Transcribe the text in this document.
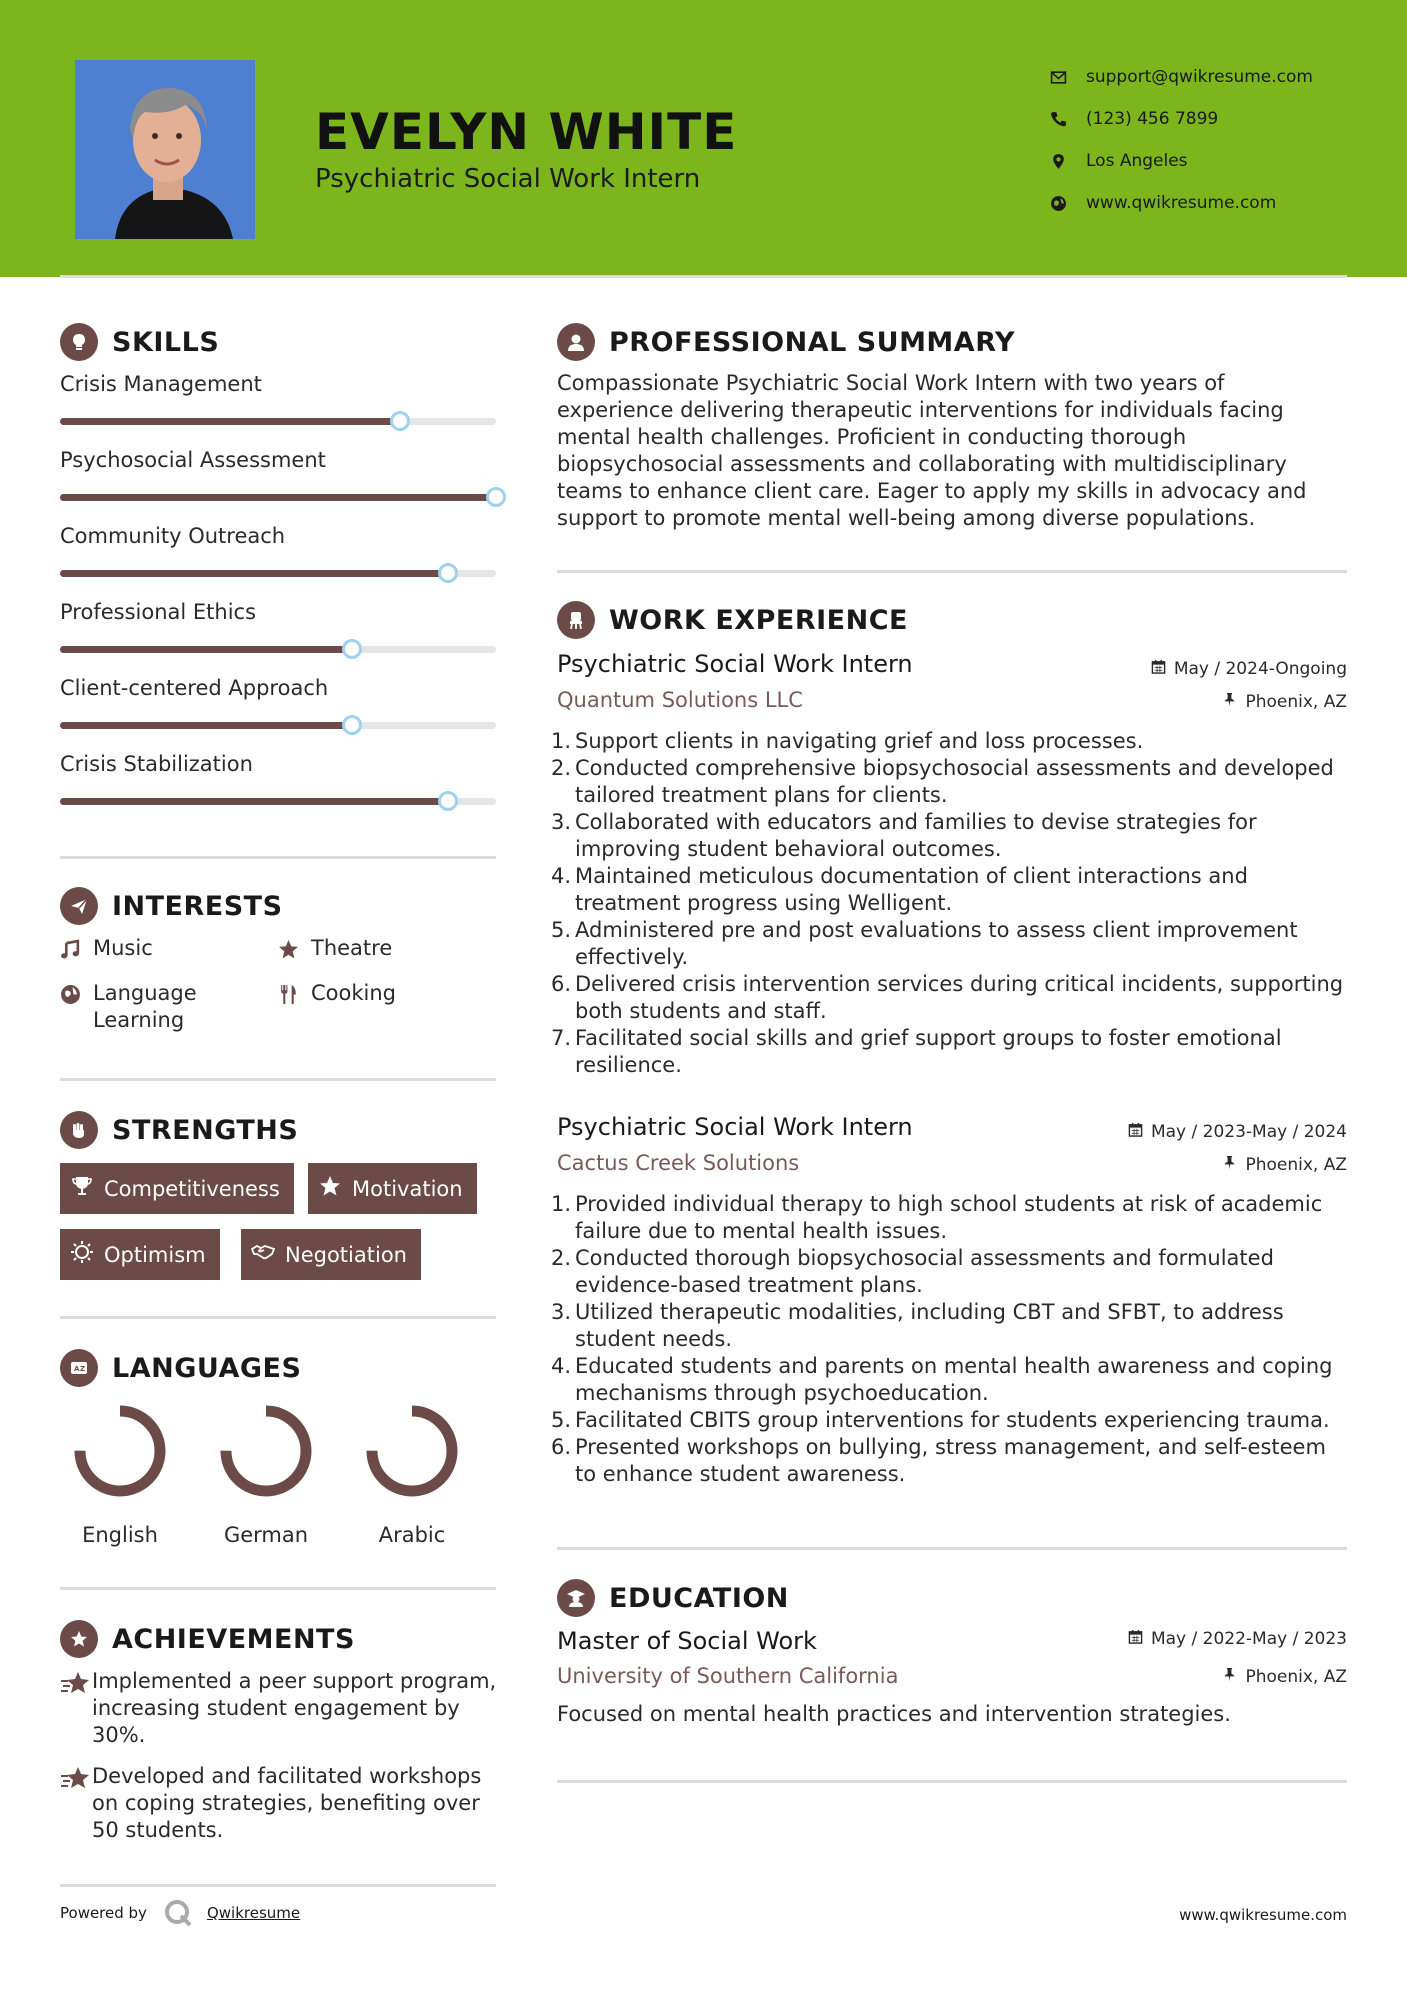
EVELYN WHITE
Psychiatric Social Work Intern
support@qwikresume.com
(123) 456 7899
Los Angeles
www.qwikresume.com
SKILLS
Crisis Management
Psychosocial Assessment
Community Outreach
Professional Ethics
Client-centered Approach
Crisis Stabilization
INTERESTS
Music	Theatre
Language Learning
Cooking
STRENGTHS
Competitiveness	Motivation
Optimism	Negotiation
A Z LANGUAGES
English	German	Arabic
ACHIEVEMENTS
Implemented a peer support program, increasing student engagement by 30%.
Developed and facilitated workshops on coping strategies, benefiting over 50 students.
PROFESSIONAL SUMMARY
Compassionate Psychiatric Social Work Intern with two years of experience delivering therapeutic interventions for individuals facing mental health challenges. Proficient in conducting thorough biopsychosocial assessments and collaborating with multidisciplinary teams to enhance client care. Eager to apply my skills in advocacy and support to promote mental well-being among diverse populations.
WORK EXPERIENCE
Psychiatric Social Work Intern	May / 2024-Ongoing
Quantum Solutions LLC	Phoenix, AZ
1. Support clients in navigating grief and loss processes.
2. Conducted comprehensive biopsychosocial assessments and developed tailored treatment plans for clients.
3. Collaborated with educators and families to devise strategies for improving student behavioral outcomes.
4. Maintained meticulous documentation of client interactions and treatment progress using Welligent.
5. Administered pre and post evaluations to assess client improvement effectively.
6. Delivered crisis intervention services during critical incidents, supporting both students and staff.
7. Facilitated social skills and grief support groups to foster emotional resilience.
Psychiatric Social Work Intern	May / 2023-May / 2024
Cactus Creek Solutions	Phoenix, AZ
1. Provided individual therapy to high school students at risk of academic failure due to mental health issues.
2. Conducted thorough biopsychosocial assessments and formulated evidence-based treatment plans.
3. Utilized therapeutic modalities, including CBT and SFBT, to address student needs.
4. Educated students and parents on mental health awareness and coping mechanisms through psychoeducation.
5. Facilitated CBITS group interventions for students experiencing trauma.
6. Presented workshops on bullying, stress management, and self-esteem to enhance student awareness.
EDUCATION
Master of Social Work	May / 2022-May / 2023
University of Southern California	Phoenix, AZ
Focused on mental health practices and intervention strategies.
Powered by	Qwikresume	www.qwikresume.com
